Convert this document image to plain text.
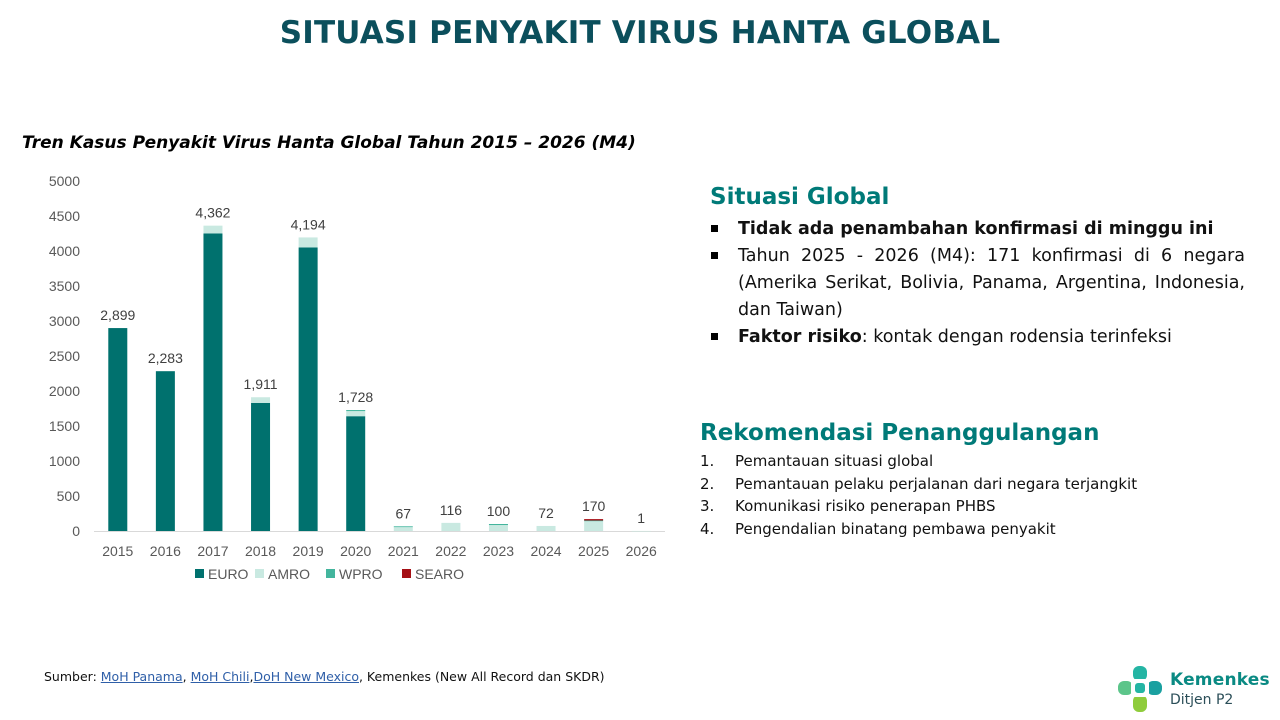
SITUASI PENYAKIT VIRUS HANTA GLOBAL
Tren Kasus Penyakit Virus Hanta Global Tahun 2015 – 2026 (M4)
0
500
1000
1500
2000
2500
3000
3500
4000
4500
5000
2,899
2015
2,283
2016
4,362
2017
1,911
2018
4,194
2019
1,728
2020
67
2021
116
2022
100
2023
72
2024
170
2025
1
2026
EURO AMRO WPRO SEARO
Situasi Global
Tidak ada penambahan konfirmasi di minggu ini
Tahun 2025 - 2026 (M4): 171 konfirmasi di 6 negara (Amerika Serikat, Bolivia, Panama, Argentina, Indonesia, dan Taiwan)
Faktor risiko: kontak dengan rodensia terinfeksi
Rekomendasi Penanggulangan
1.	Pemantauan situasi global
2.	Pemantauan pelaku perjalanan dari negara terjangkit
3.	Komunikasi risiko penerapan PHBS
4.	Pengendalian binatang pembawa penyakit
Sumber: MoH Panama, MoH Chili,DoH New Mexico, Kemenkes (New All Record dan SKDR)	Kemenkes
Ditjen P2
